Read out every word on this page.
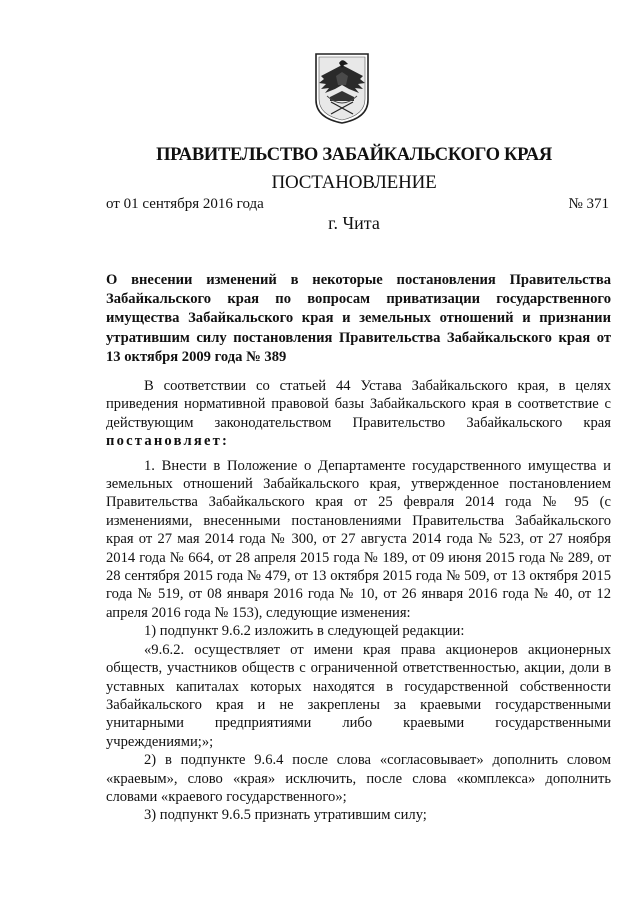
ПРАВИТЕЛЬСТВО ЗАБАЙКАЛЬСКОГО КРАЯ
ПОСТАНОВЛЕНИЕ
от 01 сентября 2016 года	№ 371
г. Чита

О внесении изменений в некоторые постановления Правительства Забайкальского края по вопросам приватизации государственного имущества Забайкальского края и земельных отношений и признании утратившим силу постановления Правительства Забайкальского края от 13 октября 2009 года № 389

В соответствии со статьей 44 Устава Забайкальского края, в целях приведения нормативной правовой базы Забайкальского края в соответствие с действующим законодательством Правительство Забайкальского края постановляет:

1. Внести в Положение о Департаменте государственного имущества и земельных отношений Забайкальского края, утвержденное постановлением Правительства Забайкальского края от 25 февраля 2014 года № 95 (с изменениями, внесенными постановлениями Правительства Забайкальского края от 27 мая 2014 года № 300, от 27 августа 2014 года № 523, от 27 ноября 2014 года № 664, от 28 апреля 2015 года № 189, от 09 июня 2015 года № 289, от 28 сентября 2015 года № 479, от 13 октября 2015 года № 509, от 13 октября 2015 года № 519, от 08 января 2016 года № 10, от 26 января 2016 года № 40, от 12 апреля 2016 года № 153), следующие изменения:

1) подпункт 9.6.2 изложить в следующей редакции:

«9.6.2. осуществляет от имени края права акционеров акционерных обществ, участников обществ с ограниченной ответственностью, акции, доли в уставных капиталах которых находятся в государственной собственности Забайкальского края и не закреплены за краевыми государственными унитарными предприятиями либо краевыми государственными учреждениями;»;

2) в подпункте 9.6.4 после слова «согласовывает» дополнить словом «краевым», слово «края» исключить, после слова «комплекса» дополнить словами «краевого государственного»;

3) подпункт 9.6.5 признать утратившим силу;
